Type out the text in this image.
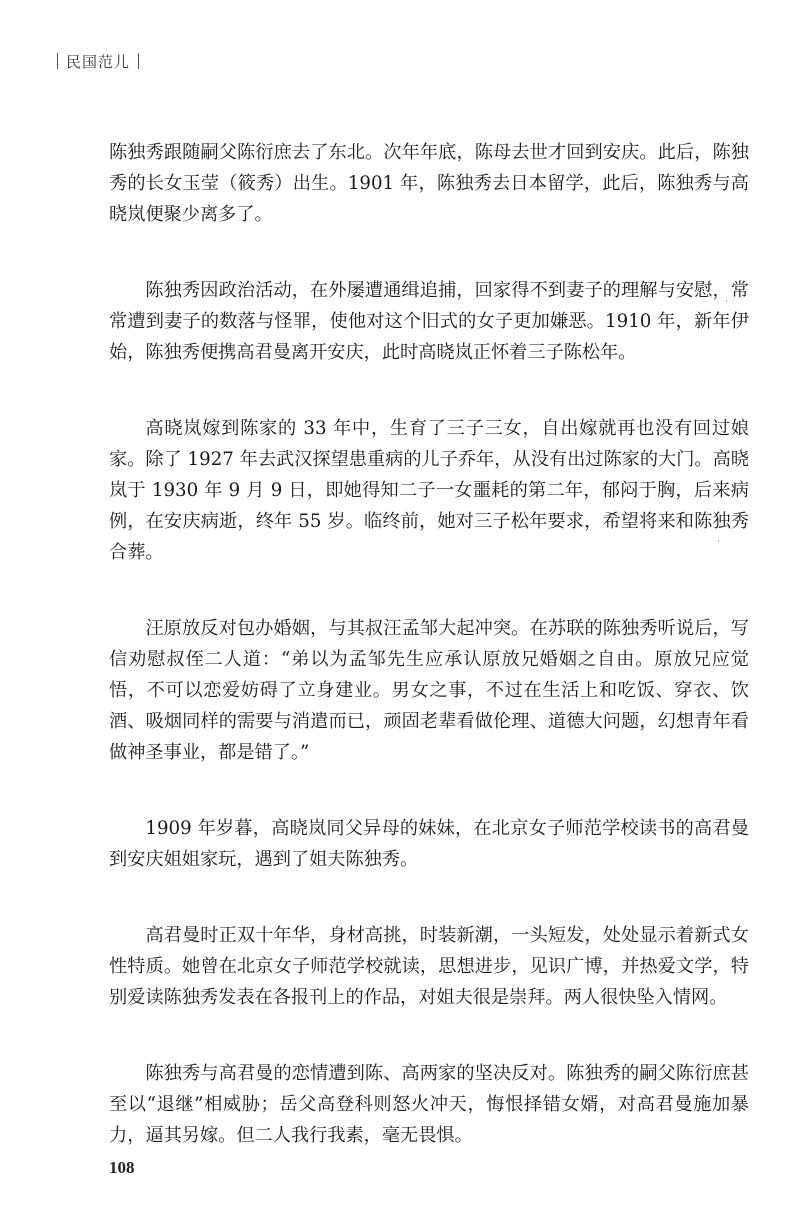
民国范儿

陈独秀跟随嗣父陈衍庶去了东北。次年年底，陈母去世才回到安庆。此后，陈独秀的长女玉莹（筱秀）出生。1901 年，陈独秀去日本留学，此后，陈独秀与高晓岚便聚少离多了。

陈独秀因政治活动，在外屡遭通缉追捕，回家得不到妻子的理解与安慰，常常遭到妻子的数落与怪罪，使他对这个旧式的女子更加嫌恶。1910 年，新年伊始，陈独秀便携高君曼离开安庆，此时高晓岚正怀着三子陈松年。

高晓岚嫁到陈家的 33 年中，生育了三子三女，自出嫁就再也没有回过娘家。除了 1927 年去武汉探望患重病的儿子乔年，从没有出过陈家的大门。高晓岚于 1930 年 9 月 9 日，即她得知二子一女噩耗的第二年，郁闷于胸，后来病例，在安庆病逝，终年 55 岁。临终前，她对三子松年要求，希望将来和陈独秀合葬。

汪原放反对包办婚姻，与其叔汪孟邹大起冲突。在苏联的陈独秀听说后，写信劝慰叔侄二人道：“弟以为孟邹先生应承认原放兄婚姻之自由。原放兄应觉悟，不可以恋爱妨碍了立身建业。男女之事，不过在生活上和吃饭、穿衣、饮酒、吸烟同样的需要与消遣而已，顽固老辈看做伦理、道德大问题，幻想青年看做神圣事业，都是错了。”

1909 年岁暮，高晓岚同父异母的妹妹，在北京女子师范学校读书的高君曼到安庆姐姐家玩，遇到了姐夫陈独秀。

高君曼时正双十年华，身材高挑，时装新潮，一头短发，处处显示着新式女性特质。她曾在北京女子师范学校就读，思想进步，见识广博，并热爱文学，特别爱读陈独秀发表在各报刊上的作品，对姐夫很是崇拜。两人很快坠入情网。

陈独秀与高君曼的恋情遭到陈、高两家的坚决反对。陈独秀的嗣父陈衍庶甚至以“退继”相威胁；岳父高登科则怒火冲天，悔恨择错女婿，对高君曼施加暴力，逼其另嫁。但二人我行我素，毫无畏惧。

˙
˙
108
